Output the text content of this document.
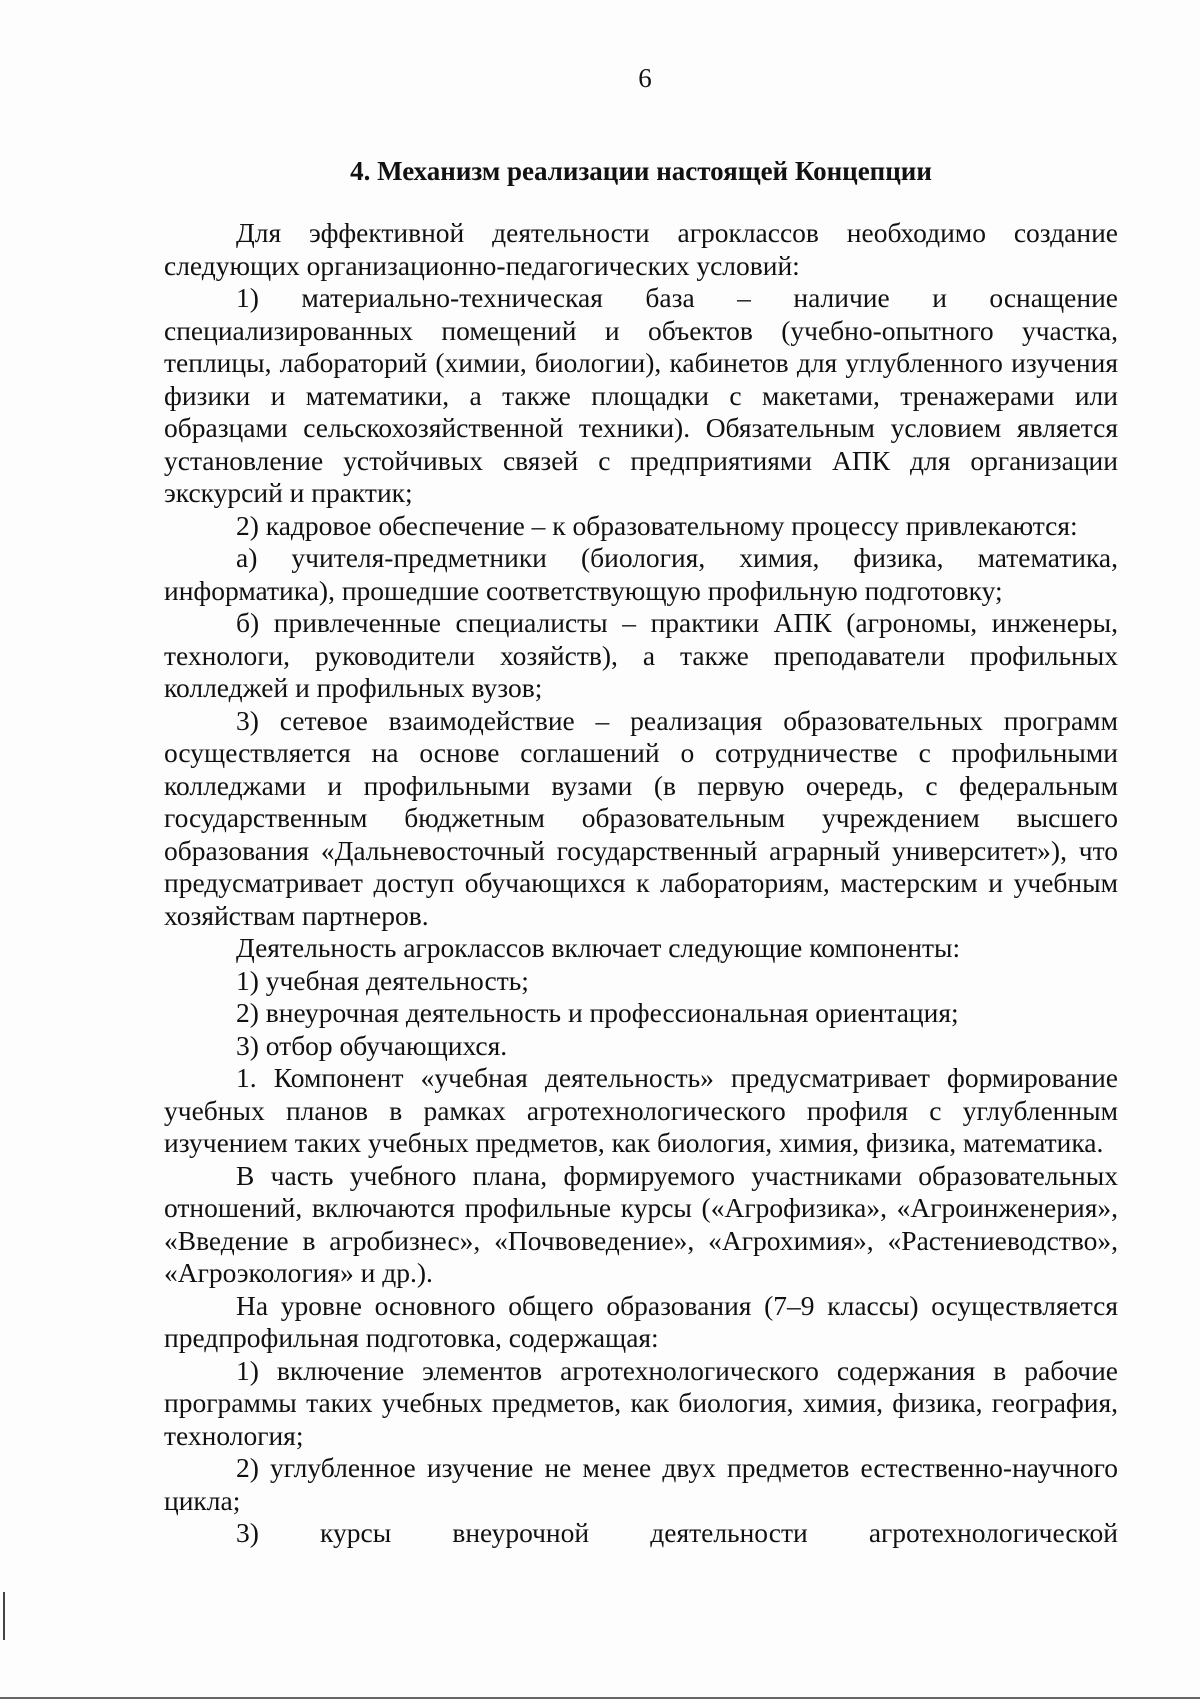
6
4. Механизм реализации настоящей Концепции

Для эффективной деятельности агроклассов необходимо создание следующих организационно-педагогических условий:

1) материально-техническая база – наличие и оснащение специализированных помещений и объектов (учебно-опытного участка, теплицы, лабораторий (химии, биологии), кабинетов для углубленного изучения физики и математики, а также площадки с макетами, тренажерами или образцами сельскохозяйственной техники). Обязательным условием является установление устойчивых связей с предприятиями АПК для организации экскурсий и практик;

2) кадровое обеспечение – к образовательному процессу привлекаются:

а) учителя-предметники (биология, химия, физика, математика, информатика), прошедшие соответствующую профильную подготовку;

б) привлеченные специалисты – практики АПК (агрономы, инженеры, технологи, руководители хозяйств), а также преподаватели профильных колледжей и профильных вузов;

3) сетевое взаимодействие – реализация образовательных программ осуществляется на основе соглашений о сотрудничестве с профильными колледжами и профильными вузами (в первую очередь, с федеральным государственным бюджетным образовательным учреждением высшего образования «Дальневосточный государственный аграрный университет»), что предусматривает доступ обучающихся к лабораториям, мастерским и учебным хозяйствам партнеров.

Деятельность агроклассов включает следующие компоненты:

1) учебная деятельность;

2) внеурочная деятельность и профессиональная ориентация;

3) отбор обучающихся.

1. Компонент «учебная деятельность» предусматривает формирование учебных планов в рамках агротехнологического профиля с углубленным изучением таких учебных предметов, как биология, химия, физика, математика.

В часть учебного плана, формируемого участниками образовательных отношений, включаются профильные курсы («Агрофизика», «Агроинженерия», «Введение в агробизнес», «Почвоведение», «Агрохимия», «Растениеводство», «Агроэкология» и др.).

На уровне основного общего образования (7–9 классы) осуществляется предпрофильная подготовка, содержащая:

1) включение элементов агротехнологического содержания в рабочие программы таких учебных предметов, как биология, химия, физика, география, технология;

2) углубленное изучение не менее двух предметов естественно-научного цикла;

3) курсы внеурочной деятельности агротехнологической
